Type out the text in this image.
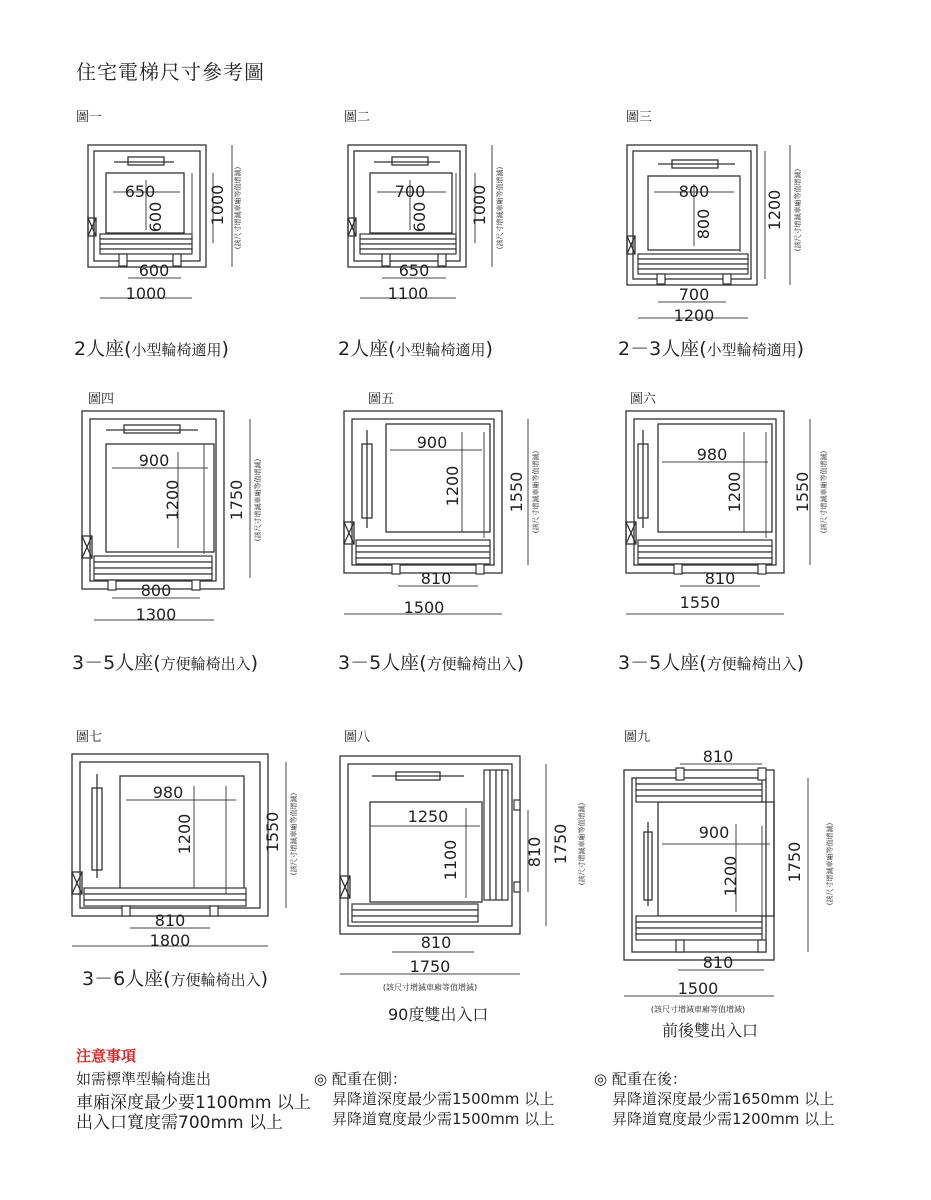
住宅電梯尺寸參考圖
圖一	圖二	圖三
圖四	圖五	圖六
圖七	圖八	圖九
650
600
600
1000
1000 (該尺寸增減車廂等值增減)	700
600
650
1100
1000 (該尺寸增減車廂等值增減)	800
800
700
1200
1200 (該尺寸增減車廂等值增減)
2人座(小型輪椅適用)	2人座(小型輪椅適用)	2－3人座(小型輪椅適用)
900
1200
800
1300
1750 (該尺寸增減車廂等值增減)
900
1200
810
1500
1550 (該尺寸增減車廂等值增減)	980
1200
810
1550
1550 (該尺寸增減車廂等值增減)
3－5人座(方便輪椅出入)	3－5人座(方便輪椅出入)	3－5人座(方便輪椅出入)
980
1200
810
1800
1550 (該尺寸增減車廂等值增減)
3－6人座(方便輪椅出入)
1250
1100	810 1750 (該尺寸增減車廂等值增減)
810
1750
(該尺寸增減車廂等值增減)
90度雙出入口
810
900
1200
810
1500
(該尺寸增減車廂等值增減)
1750	(該尺寸增減車廂等值增減)
前後雙出入口
注意事項
如需標準型輪椅進出
車廂深度最少要1100mm 以上
出入口寬度需700mm 以上
◎ 配重在側：
昇降道深度最少需1500mm 以上
昇降道寬度最少需1500mm 以上
◎ 配重在後：
昇降道深度最少需1650mm 以上
昇降道寬度最少需1200mm 以上
